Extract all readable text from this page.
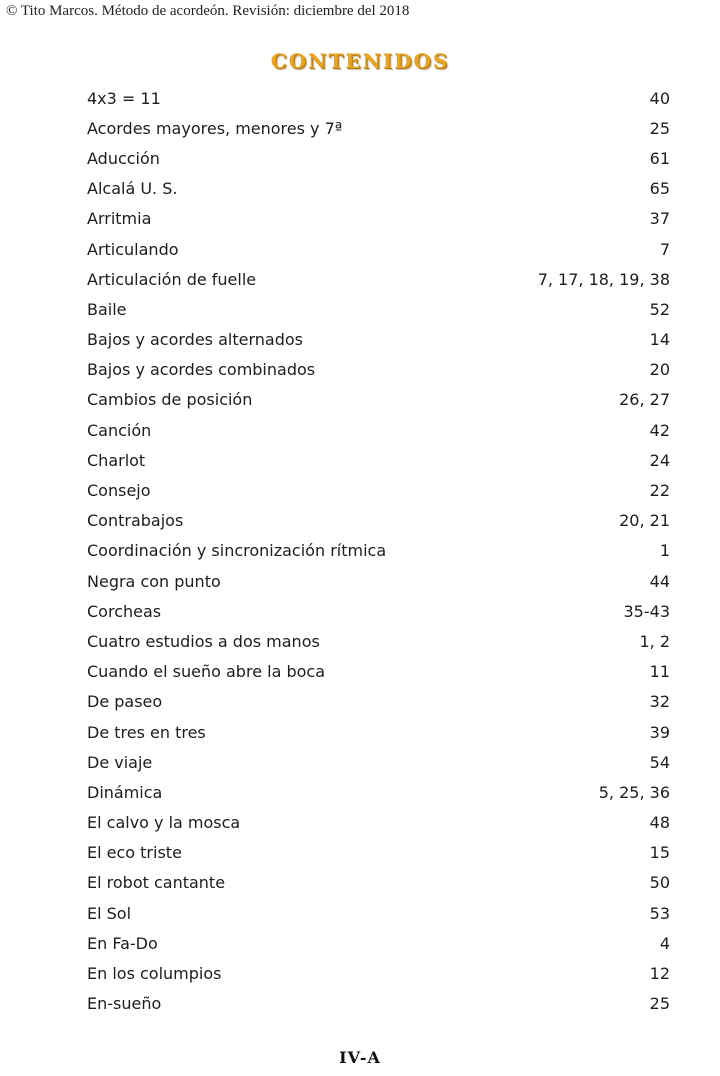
© Tito Marcos. Método de acordeón. Revisión: diciembre del 2018
contenidos
4x3 = 11	40
Acordes mayores, menores y 7ª	25
Aducción	61
Alcalá U. S.	65
Arritmia	37
Articulando	7
Articulación de fuelle	7, 17, 18, 19, 38
Baile	52
Bajos y acordes alternados	14
Bajos y acordes combinados	20
Cambios de posición	26, 27
Canción	42
Charlot	24
Consejo	22
Contrabajos	20, 21
Coordinación y sincronización rítmica	1
Negra con punto	44
Corcheas	35-43
Cuatro estudios a dos manos	1, 2
Cuando el sueño abre la boca	11
De paseo	32
De tres en tres	39
De viaje	54
Dinámica	5, 25, 36
El calvo y la mosca	48
El eco triste	15
El robot cantante	50
El Sol	53
En Fa-Do	4
En los columpios	12
En-sueño	25
IV-A
